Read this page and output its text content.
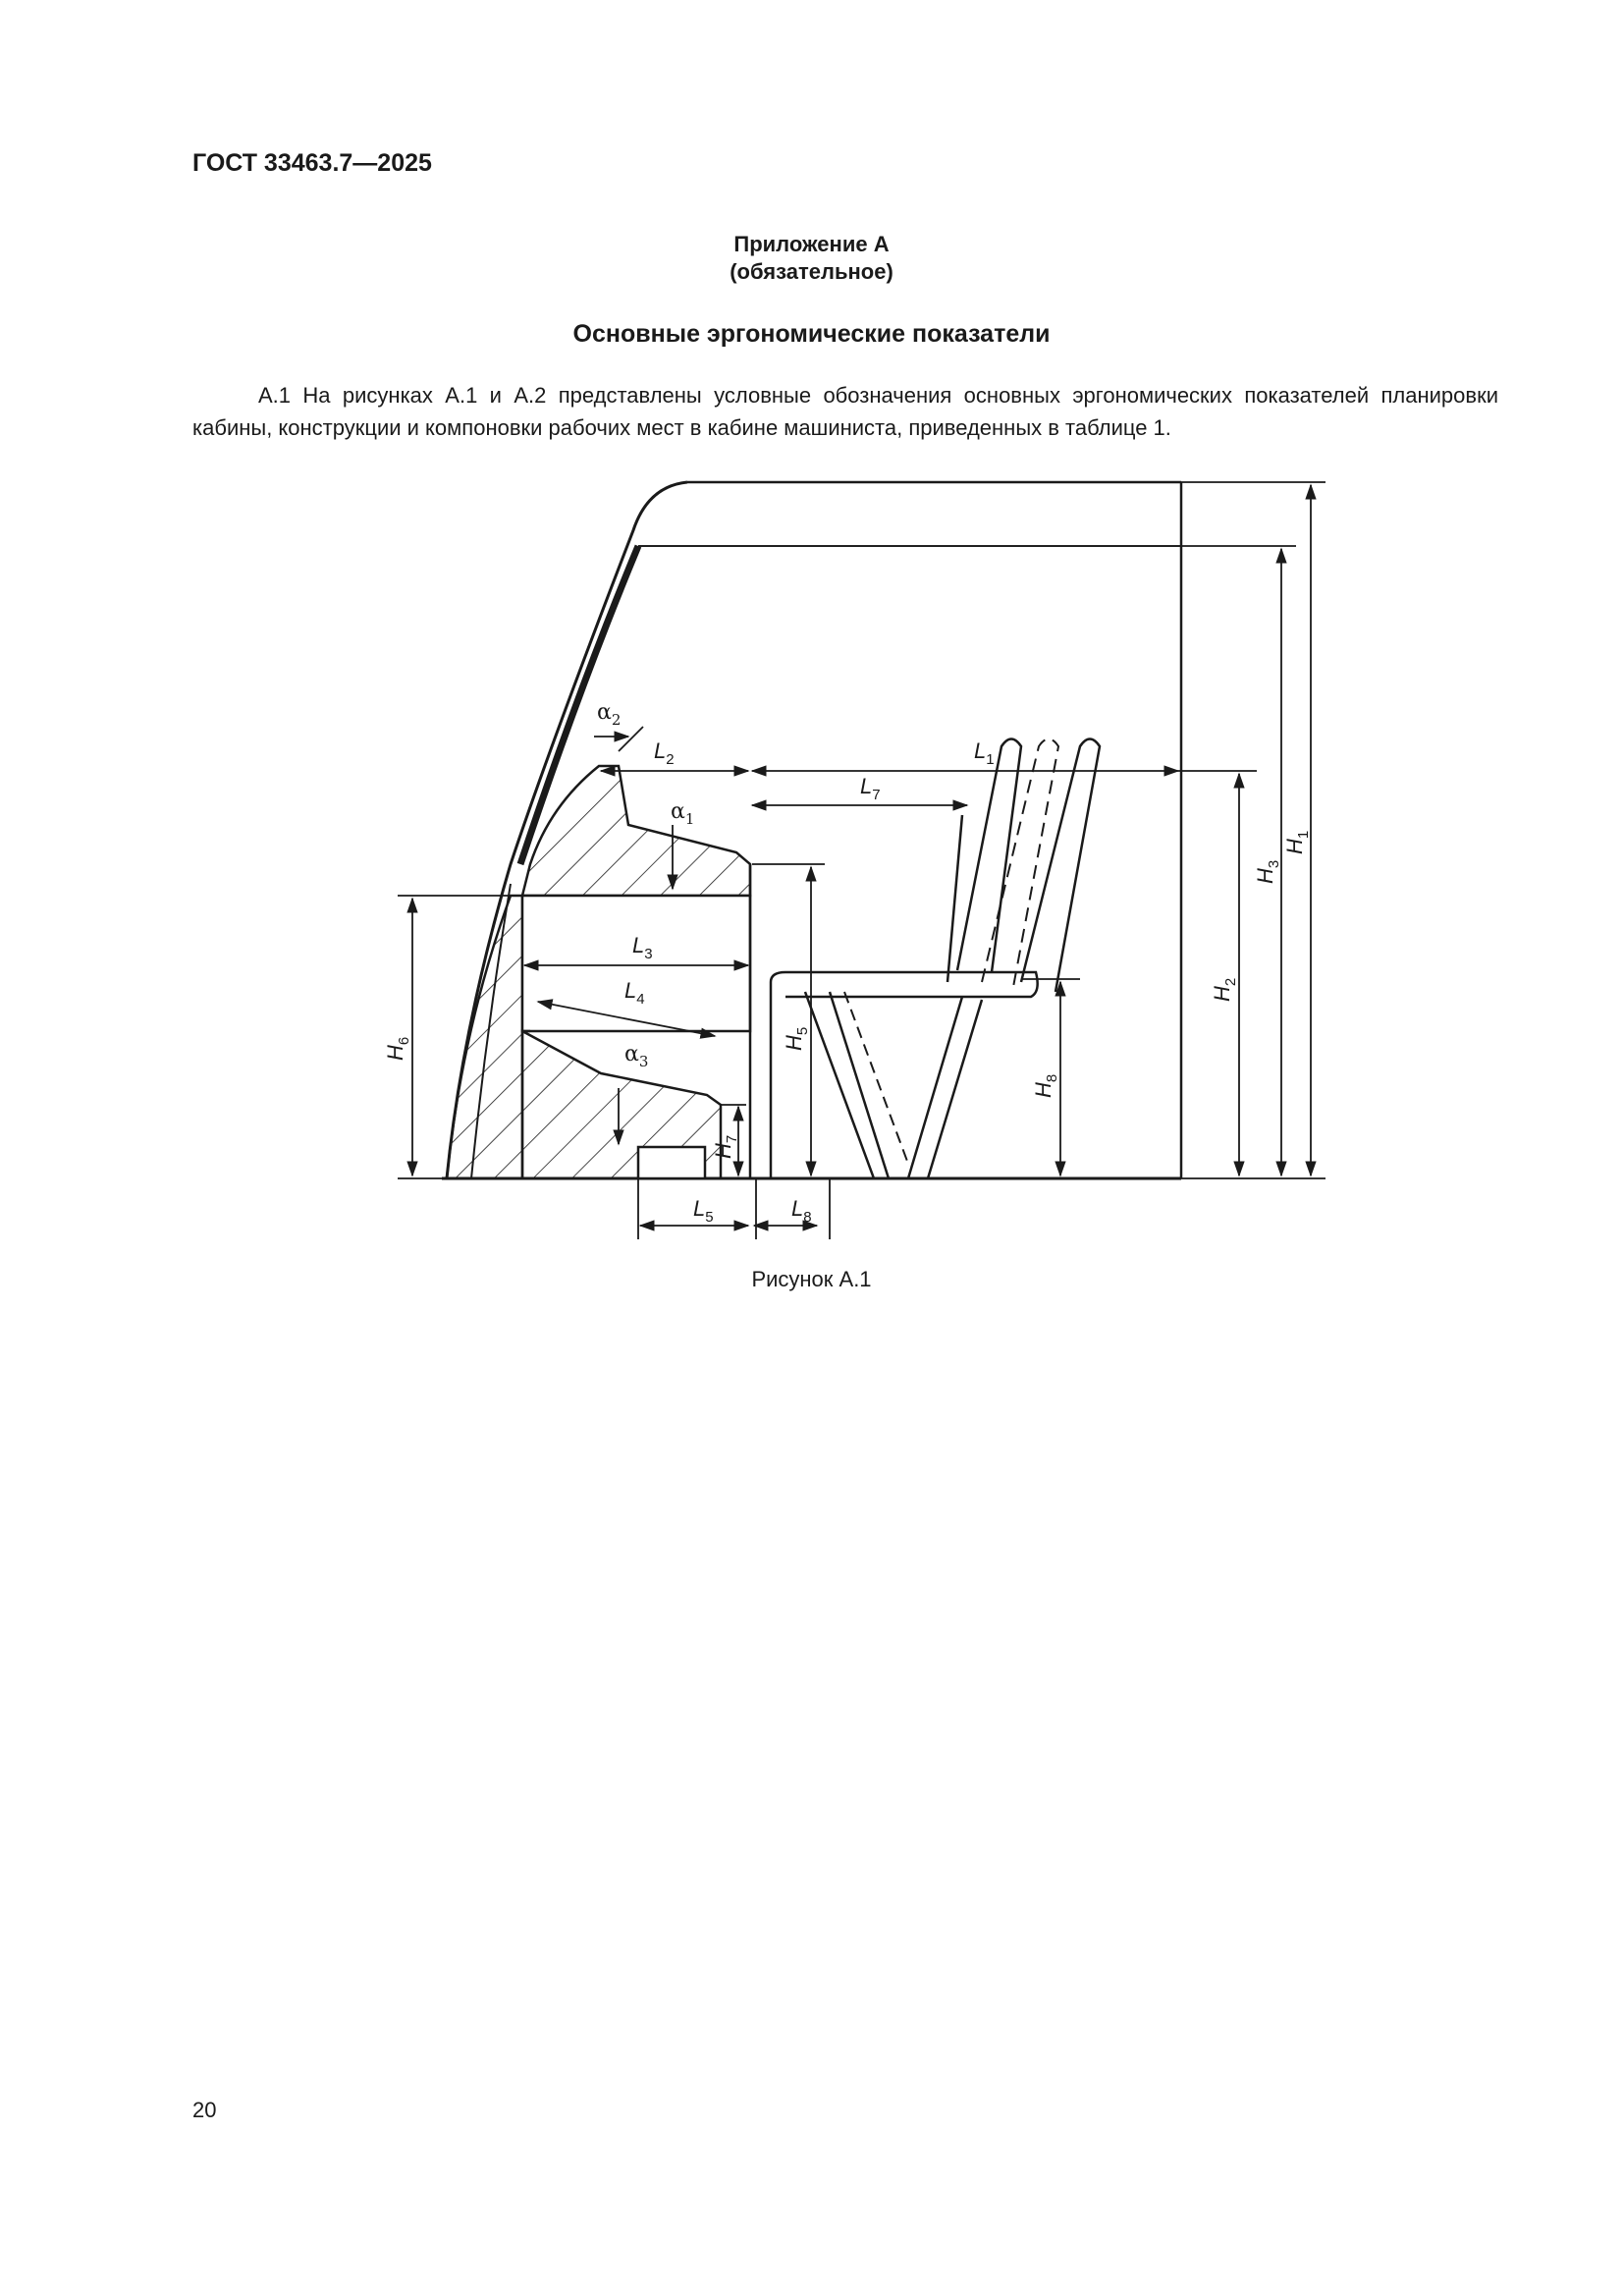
ГОСТ 33463.7—2025
Приложение А
(обязательное)
Основные эргономические показатели
А.1 На рисунках А.1 и А.2 представлены условные обозначения основных эргономических показателей планировки кабины, конструкции и компоновки рабочих мест в кабине машиниста, приведенных в таблице 1.
$L_1$
$L_2$
$L_7$
$L_3$
$L_4$
$L_5$	$L_8$
$H_1$
$H_3$
$H_2$
$H_5$
$H_6$
$H_7$
$H_8$
$\alpha_1$
$\alpha_2$
$\alpha_3$
Рисунок А.1
20
